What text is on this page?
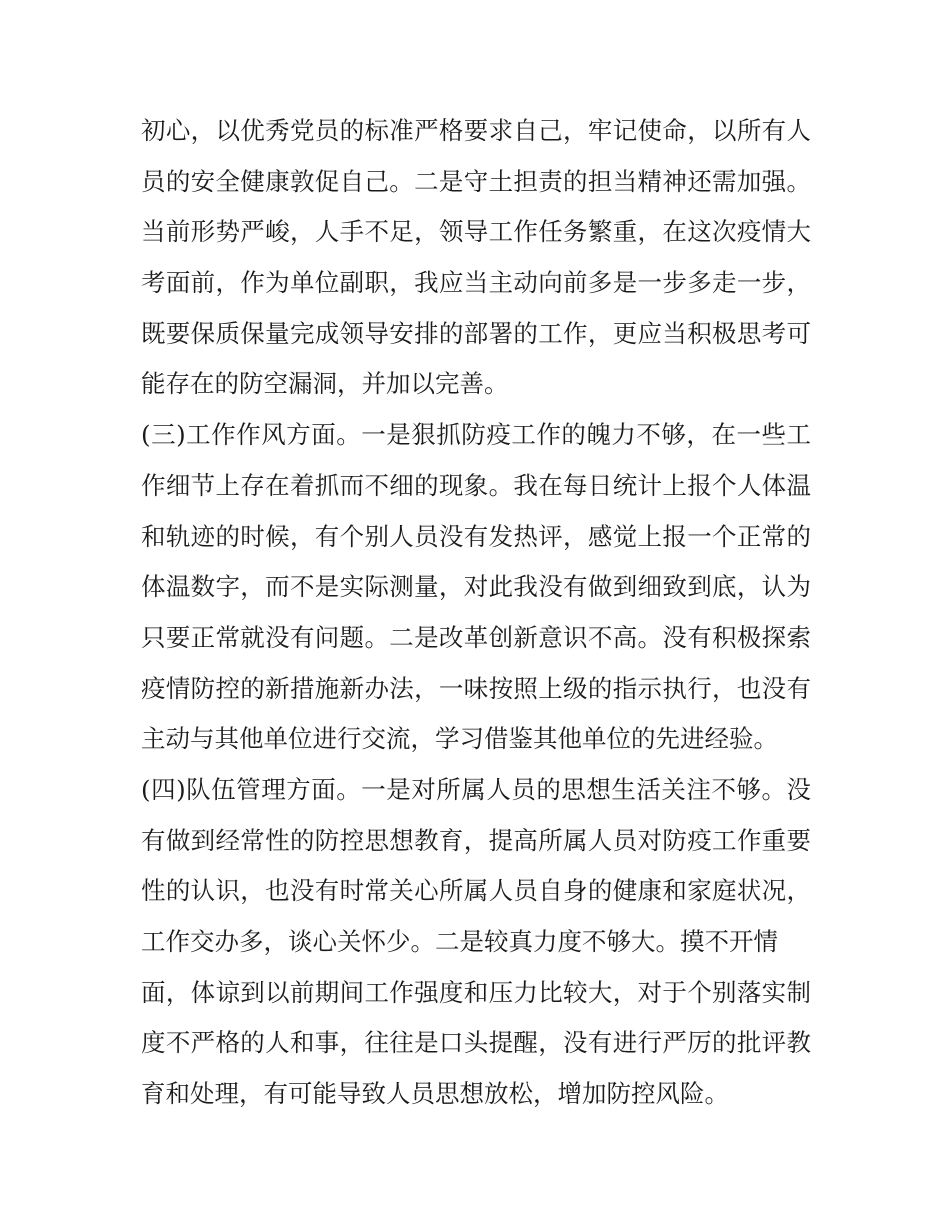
初心，以优秀党员的标准严格要求自己，牢记使命，以所有人
员的安全健康敦促自己。二是守土担责的担当精神还需加强。
当前形势严峻，人手不足，领导工作任务繁重，在这次疫情大
考面前，作为单位副职，我应当主动向前多是一步多走一步，
既要保质保量完成领导安排的部署的工作，更应当积极思考可
能存在的防空漏洞，并加以完善。
(三)工作作风方面。一是狠抓防疫工作的魄力不够，在一些工
作细节上存在着抓而不细的现象。我在每日统计上报个人体温
和轨迹的时候，有个别人员没有发热评，感觉上报一个正常的
体温数字，而不是实际测量，对此我没有做到细致到底，认为
只要正常就没有问题。二是改革创新意识不高。没有积极探索
疫情防控的新措施新办法，一味按照上级的指示执行，也没有
主动与其他单位进行交流，学习借鉴其他单位的先进经验。
(四)队伍管理方面。一是对所属人员的思想生活关注不够。没
有做到经常性的防控思想教育，提高所属人员对防疫工作重要
性的认识，也没有时常关心所属人员自身的健康和家庭状况，
工作交办多，谈心关怀少。二是较真力度不够大。摸不开情
面，体谅到以前期间工作强度和压力比较大，对于个别落实制
度不严格的人和事，往往是口头提醒，没有进行严厉的批评教
育和处理，有可能导致人员思想放松，增加防控风险。
